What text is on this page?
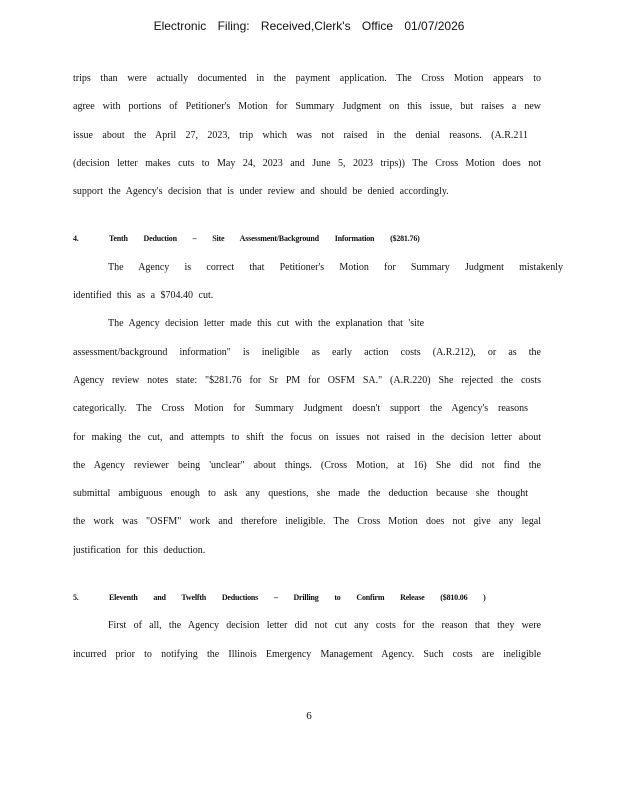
Electronic Filing: Received,Clerk's Office 01/07/2026
trips than were actually documented in the payment application. The Cross Motion appears to
agree with portions of Petitioner's Motion for Summary Judgment on this issue, but raises a new
issue about the April 27, 2023, trip which was not raised in the denial reasons. (A.R.211
(decision letter makes cuts to May 24, 2023 and June 5, 2023 trips)) The Cross Motion does not
support the Agency's decision that is under review and should be denied accordingly.
4.	Tenth Deduction – Site Assessment/Background Information ($281.76)
The Agency is correct that Petitioner's Motion for Summary Judgment mistakenly
identified this as a $704.40 cut.
The Agency decision letter made this cut with the explanation that 'site
assessment/background information" is ineligible as early action costs (A.R.212), or as the
Agency review notes state: "$281.76 for Sr PM for OSFM SA." (A.R.220) She rejected the costs
categorically. The Cross Motion for Summary Judgment doesn't support the Agency's reasons
for making the cut, and attempts to shift the focus on issues not raised in the decision letter about
the Agency reviewer being 'unclear" about things. (Cross Motion, at 16) She did not find the
submittal ambiguous enough to ask any questions, she made the deduction because she thought
the work was "OSFM" work and therefore ineligible. The Cross Motion does not give any legal
justification for this deduction.
5.	Eleventh and Twelfth Deductions – Drilling to Confirm Release ($810.06 )
First of all, the Agency decision letter did not cut any costs for the reason that they were
incurred prior to notifying the Illinois Emergency Management Agency. Such costs are ineligible
6
